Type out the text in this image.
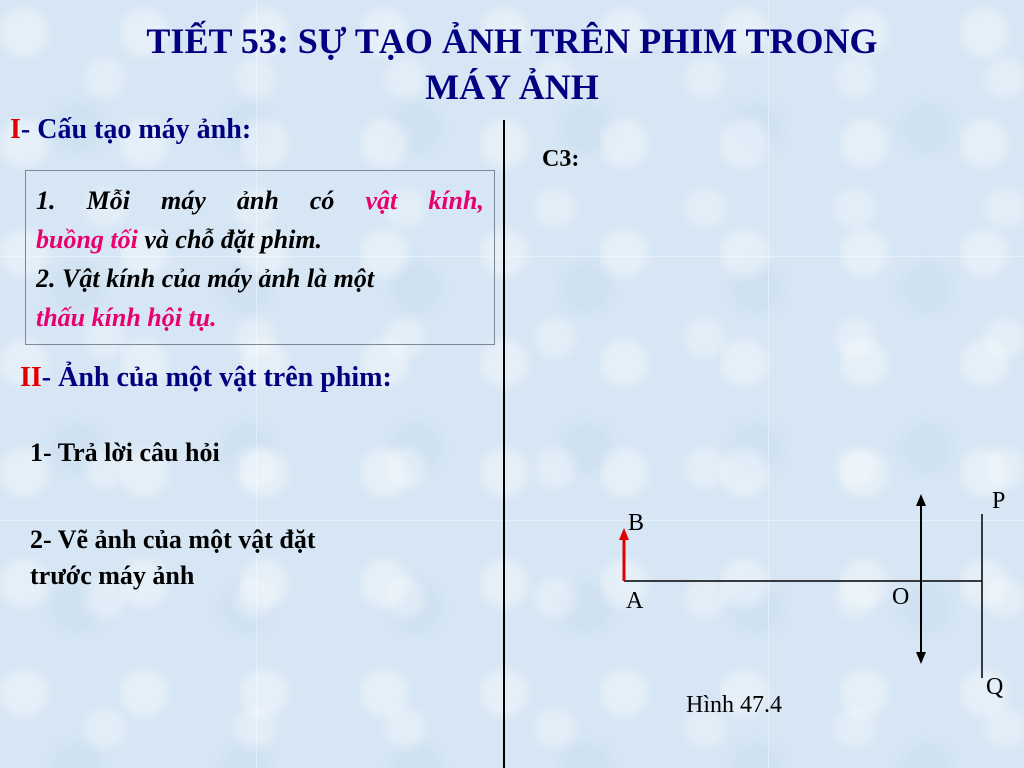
TIẾT 53: SỰ TẠO ẢNH TRÊN PHIM TRONG
MÁY ẢNH
I- Cấu tạo máy ảnh:
1. Mỗi máy ảnh có vật kính,
buồng tối và chỗ đặt phim.
2. Vật kính của máy ảnh là một
thấu kính hội tụ.
II- Ảnh của một vật trên phim:
1- Trả lời câu hỏi
2- Vẽ ảnh của một vật đặt
trước máy ảnh
C3:
B
A	O
P
Q
Hình 47.4
